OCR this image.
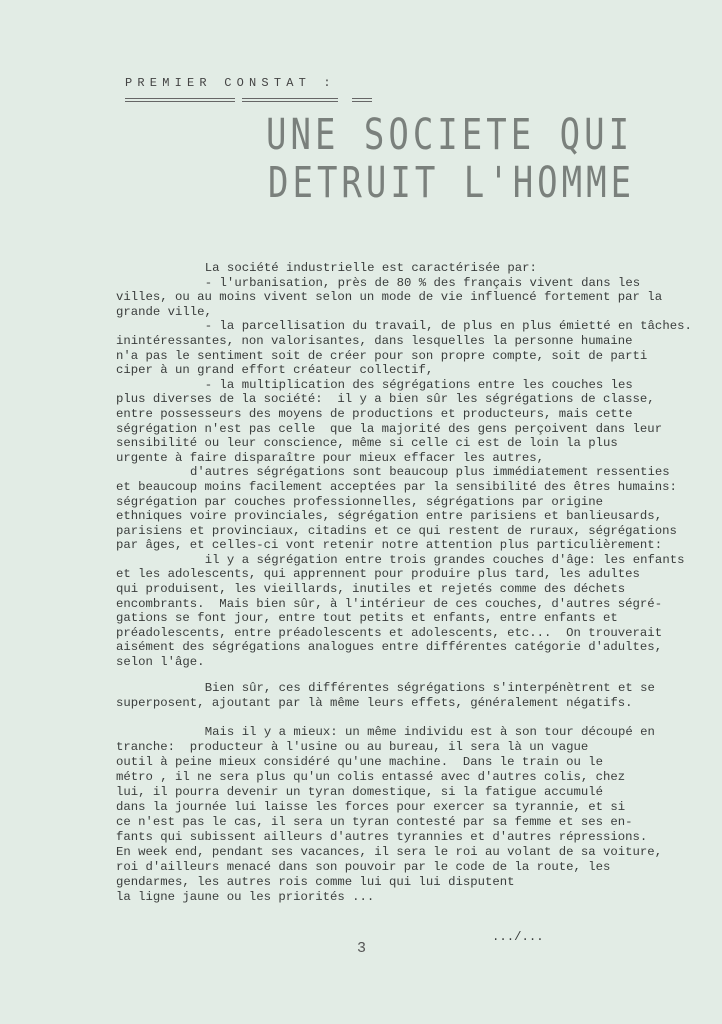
PREMIER CONSTAT :
UNE SOCIETE QUI
DETRUIT L'HOMME
La société industrielle est caractérisée par:
- l'urbanisation, près de 80 % des français vivent dans les
villes, ou au moins vivent selon un mode de vie influencé fortement par la
grande ville,
- la parcellisation du travail, de plus en plus émietté en tâches.
inintéressantes, non valorisantes, dans lesquelles la personne humaine
n'a pas le sentiment soit de créer pour son propre compte, soit de parti
ciper à un grand effort créateur collectif,
- la multiplication des ségrégations entre les couches les
plus diverses de la société:  il y a bien sûr les ségrégations de classe,
entre possesseurs des moyens de productions et producteurs, mais cette
ségrégation n'est pas celle  que la majorité des gens perçoivent dans leur
sensibilité ou leur conscience, même si celle ci est de loin la plus
urgente à faire disparaître pour mieux effacer les autres,
d'autres ségrégations sont beaucoup plus immédiatement ressenties
et beaucoup moins facilement acceptées par la sensibilité des êtres humains:
ségrégation par couches professionnelles, ségrégations par origine
ethniques voire provinciales, ségrégation entre parisiens et banlieusards,
parisiens et provinciaux, citadins et ce qui restent de ruraux, ségrégations
par âges, et celles-ci vont retenir notre attention plus particulièrement:
il y a ségrégation entre trois grandes couches d'âge: les enfants
et les adolescents, qui apprennent pour produire plus tard, les adultes
qui produisent, les vieillards, inutiles et rejetés comme des déchets
encombrants.  Mais bien sûr, à l'intérieur de ces couches, d'autres ségré-
gations se font jour, entre tout petits et enfants, entre enfants et
préadolescents, entre préadolescents et adolescents, etc...  On trouverait
aisément des ségrégations analogues entre différentes catégorie d'adultes,
selon l'âge.
Bien sûr, ces différentes ségrégations s'interpénètrent et se
superposent, ajoutant par là même leurs effets, généralement négatifs.
Mais il y a mieux: un même individu est à son tour découpé en
tranche:  producteur à l'usine ou au bureau, il sera là un vague
outil à peine mieux considéré qu'une machine.  Dans le train ou le
métro , il ne sera plus qu'un colis entassé avec d'autres colis, chez
lui, il pourra devenir un tyran domestique, si la fatigue accumulé
dans la journée lui laisse les forces pour exercer sa tyrannie, et si
ce n'est pas le cas, il sera un tyran contesté par sa femme et ses en-
fants qui subissent ailleurs d'autres tyrannies et d'autres répressions.
En week end, pendant ses vacances, il sera le roi au volant de sa voiture,
roi d'ailleurs menacé dans son pouvoir par le code de la route, les
gendarmes, les autres rois comme lui qui lui disputent
la ligne jaune ou les priorités ...
3
.../...
